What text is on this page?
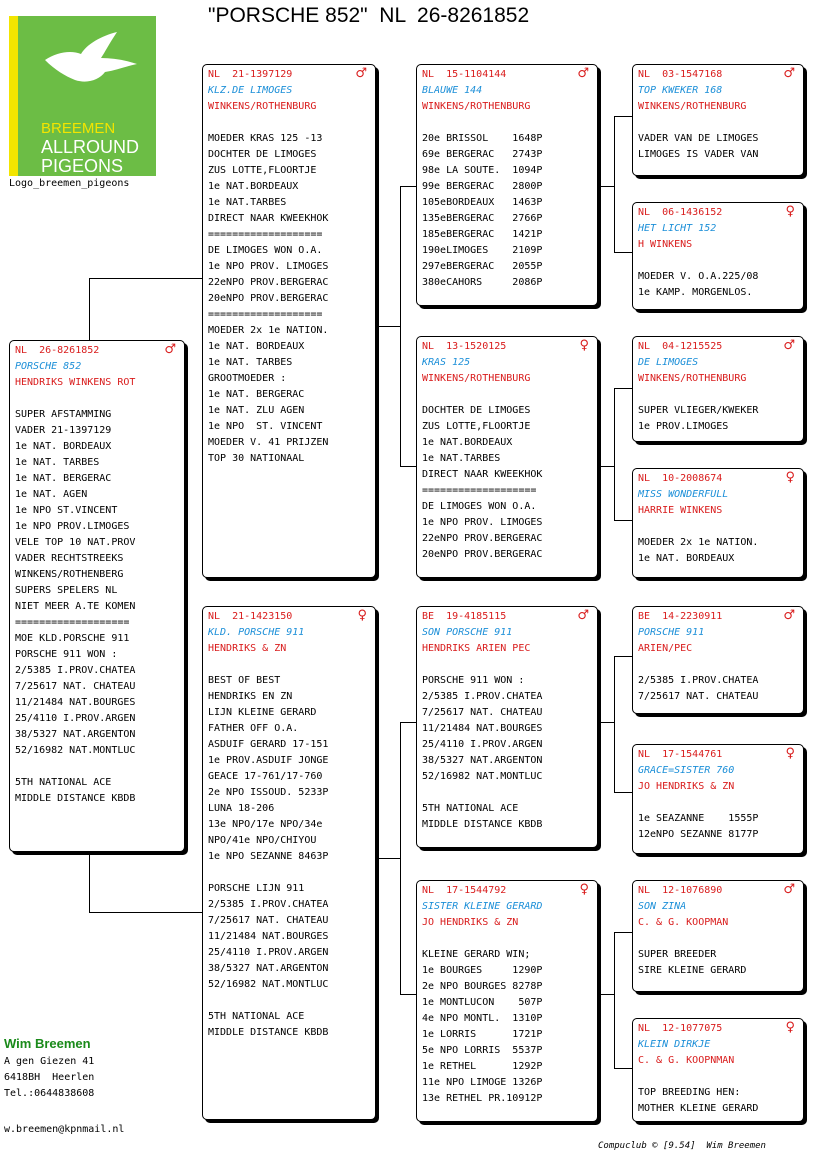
"PORSCHE 852"  NL  26-8261852
BREEMEN
ALLROUND
PIGEONS
Logo_breemen_pigeons
♂
NL  26-8261852
PORSCHE 852
HENDRIKS WINKENS ROT
SUPER AFSTAMMING
VADER 21-1397129
1e NAT. BORDEAUX
1e NAT. TARBES
1e NAT. BERGERAC
1e NAT. AGEN
1e NPO ST.VINCENT
1e NPO PROV.LIMOGES
VELE TOP 10 NAT.PROV
VADER RECHTSTREEKS
WINKENS/ROTHENBERG
SUPERS SPELERS NL
NIET MEER A.TE KOMEN
===================
MOE KLD.PORSCHE 911
PORSCHE 911 WON :
2/5385 I.PROV.CHATEA
7/25617 NAT. CHATEAU
11/21484 NAT.BOURGES
25/4110 I.PROV.ARGEN
38/5327 NAT.ARGENTON
52/16982 NAT.MONTLUC
5TH NATIONAL ACE
MIDDLE DISTANCE KBDB
♂
NL  21-1397129
KLZ.DE LIMOGES
WINKENS/ROTHENBURG
MOEDER KRAS 125 -13
DOCHTER DE LIMOGES
ZUS LOTTE,FLOORTJE
1e NAT.BORDEAUX
1e NAT.TARBES
DIRECT NAAR KWEEKHOK
===================
DE LIMOGES WON O.A.
1e NPO PROV. LIMOGES
22eNPO PROV.BERGERAC
20eNPO PROV.BERGERAC
===================
MOEDER 2x 1e NATION.
1e NAT. BORDEAUX
1e NAT. TARBES
GROOTMOEDER :
1e NAT. BERGERAC
1e NAT. ZLU AGEN
1e NPO  ST. VINCENT
MOEDER V. 41 PRIJZEN
TOP 30 NATIONAAL
♀
NL  21-1423150
KLD. PORSCHE 911
HENDRIKS & ZN
BEST OF BEST
HENDRIKS EN ZN
LIJN KLEINE GERARD
FATHER OFF O.A.
ASDUIF GERARD 17-151
1e PROV.ASDUIF JONGE
GEACE 17-761/17-760
2e NPO ISSOUD. 5233P
LUNA 18-206
13e NPO/17e NPO/34e
NPO/41e NPO/CHIYOU
1e NPO SEZANNE 8463P
PORSCHE LIJN 911
2/5385 I.PROV.CHATEA
7/25617 NAT. CHATEAU
11/21484 NAT.BOURGES
25/4110 I.PROV.ARGEN
38/5327 NAT.ARGENTON
52/16982 NAT.MONTLUC
5TH NATIONAL ACE
MIDDLE DISTANCE KBDB
♂
NL  15-1104144
BLAUWE 144
WINKENS/ROTHENBURG
20e BRISSOL    1648P
69e BERGERAC   2743P
98e LA SOUTE.  1094P
99e BERGERAC   2800P
105eBORDEAUX   1463P
135eBERGERAC   2766P
185eBERGERAC   1421P
190eLIMOGES    2109P
297eBERGERAC   2055P
380eCAHORS     2086P
♀
NL  13-1520125
KRAS 125
WINKENS/ROTHENBURG
DOCHTER DE LIMOGES
ZUS LOTTE,FLOORTJE
1e NAT.BORDEAUX
1e NAT.TARBES
DIRECT NAAR KWEEKHOK
===================
DE LIMOGES WON O.A.
1e NPO PROV. LIMOGES
22eNPO PROV.BERGERAC
20eNPO PROV.BERGERAC
♂
BE  19-4185115
SON PORSCHE 911
HENDRIKS ARIEN PEC
PORSCHE 911 WON :
2/5385 I.PROV.CHATEA
7/25617 NAT. CHATEAU
11/21484 NAT.BOURGES
25/4110 I.PROV.ARGEN
38/5327 NAT.ARGENTON
52/16982 NAT.MONTLUC
5TH NATIONAL ACE
MIDDLE DISTANCE KBDB
♀
NL  17-1544792
SISTER KLEINE GERARD
JO HENDRIKS & ZN
KLEINE GERARD WIN;
1e BOURGES     1290P
2e NPO BOURGES 8278P
1e MONTLUCON    507P
4e NPO MONTL.  1310P
1e LORRIS      1721P
5e NPO LORRIS  5537P
1e RETHEL      1292P
11e NPO LIMOGE 1326P
13e RETHEL PR.10912P
♂
NL  03-1547168
TOP KWEKER 168
WINKENS/ROTHENBURG
VADER VAN DE LIMOGES
LIMOGES IS VADER VAN
♀
NL  06-1436152
HET LICHT 152
H WINKENS
MOEDER V. O.A.225/08
1e KAMP. MORGENLOS.
♂
NL  04-1215525
DE LIMOGES
WINKENS/ROTHENBURG
SUPER VLIEGER/KWEKER
1e PROV.LIMOGES
♀
NL  10-2008674
MISS WONDERFULL
HARRIE WINKENS
MOEDER 2x 1e NATION.
1e NAT. BORDEAUX
♂
BE  14-2230911
PORSCHE 911
ARIEN/PEC
2/5385 I.PROV.CHATEA
7/25617 NAT. CHATEAU
♀
NL  17-1544761
GRACE=SISTER 760
JO HENDRIKS & ZN
1e SEAZANNE    1555P
12eNPO SEZANNE 8177P
♂
NL  12-1076890
SON ZINA
C. & G. KOOPMAN
SUPER BREEDER
SIRE KLEINE GERARD
♀
NL  12-1077075
KLEIN DIRKJE
C. & G. KOOPNMAN
TOP BREEDING HEN:
MOTHER KLEINE GERARD
Wim Breemen
A gen Giezen 41
6418BH  Heerlen
Tel.:0644838608
w.breemen@kpnmail.nl
Compuclub © [9.54]  Wim Breemen
